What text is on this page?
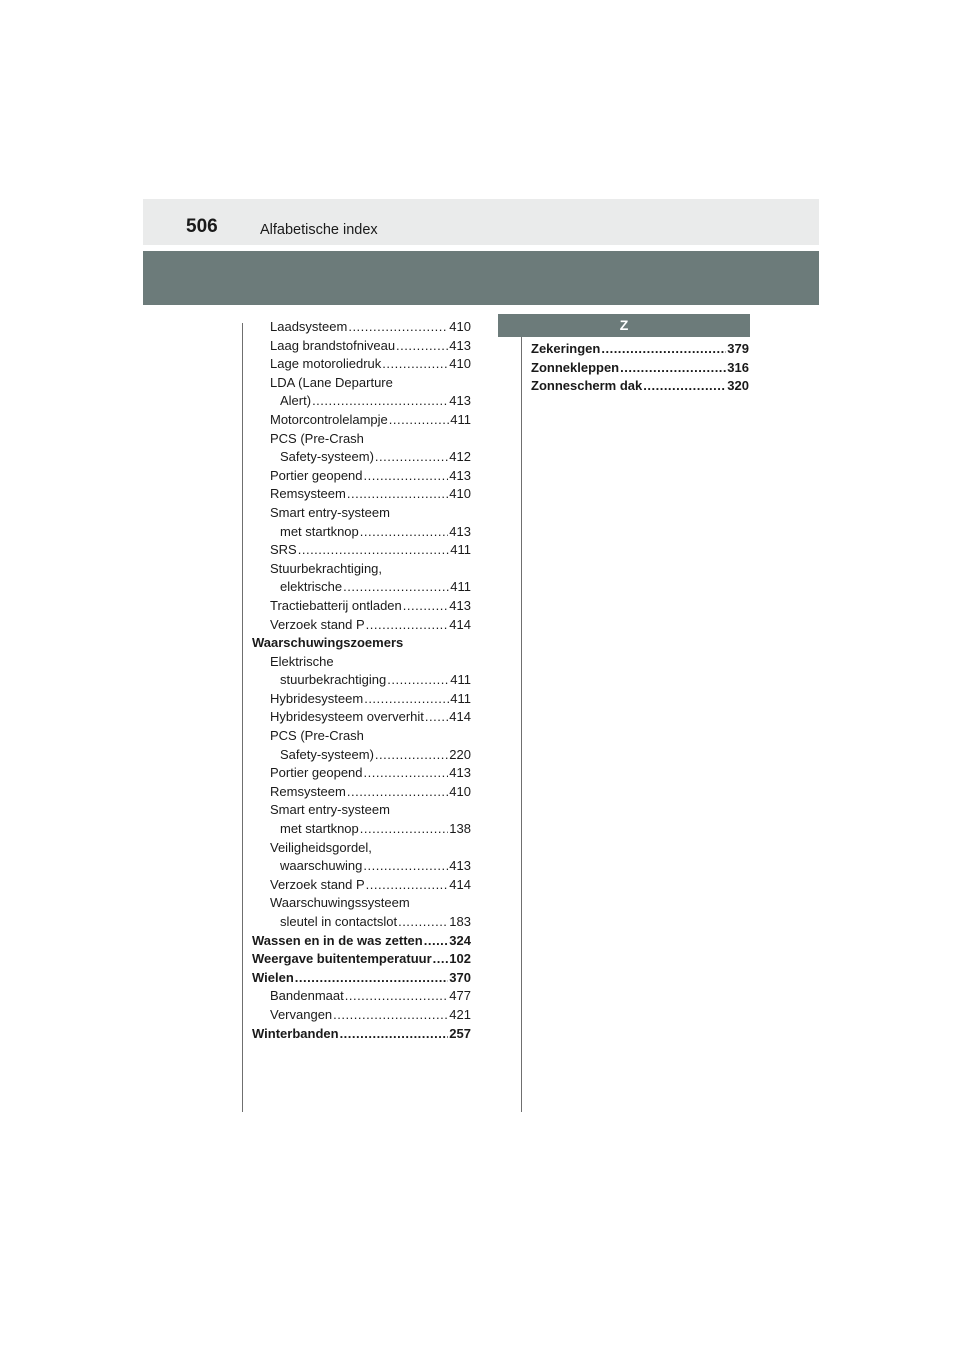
506	Alfabetische index
Laadsysteem .....	410
Laag brandstofniveau .....	413
Lage motoroliedruk .....	410
LDA (Lane Departure
Alert) .....	413
Motorcontrolelampje .....	411
PCS (Pre-Crash
Safety-systeem) .....	412
Portier geopend .....	413
Remsysteem .....	410
Smart entry-systeem
met startknop .....	413
SRS .....	411
Stuurbekrachtiging,
elektrische .....	411
Tractiebatterij ontladen .....	413
Verzoek stand P .....	414
Waarschuwingszoemers
Elektrische
stuurbekrachtiging .....	411
Hybridesysteem .....	411
Hybridesysteem oververhit ..... 414
PCS (Pre-Crash
Safety-systeem) .....	220
Portier geopend .....	413
Remsysteem .....	410
Smart entry-systeem
met startknop .....	138
Veiligheidsgordel,
waarschuwing .....	413
Verzoek stand P .....	414
Waarschuwingssysteem
sleutel in contactslot .....	183
Wassen en in de was zetten ..... 324
Weergave buitentemperatuur ..... 102
Wielen .....	370
Bandenmaat .....	477
Vervangen .....	421
Winterbanden .....	257
Z
Zekeringen .....	379
Zonnekleppen .....	316
Zonnescherm dak .....	320
